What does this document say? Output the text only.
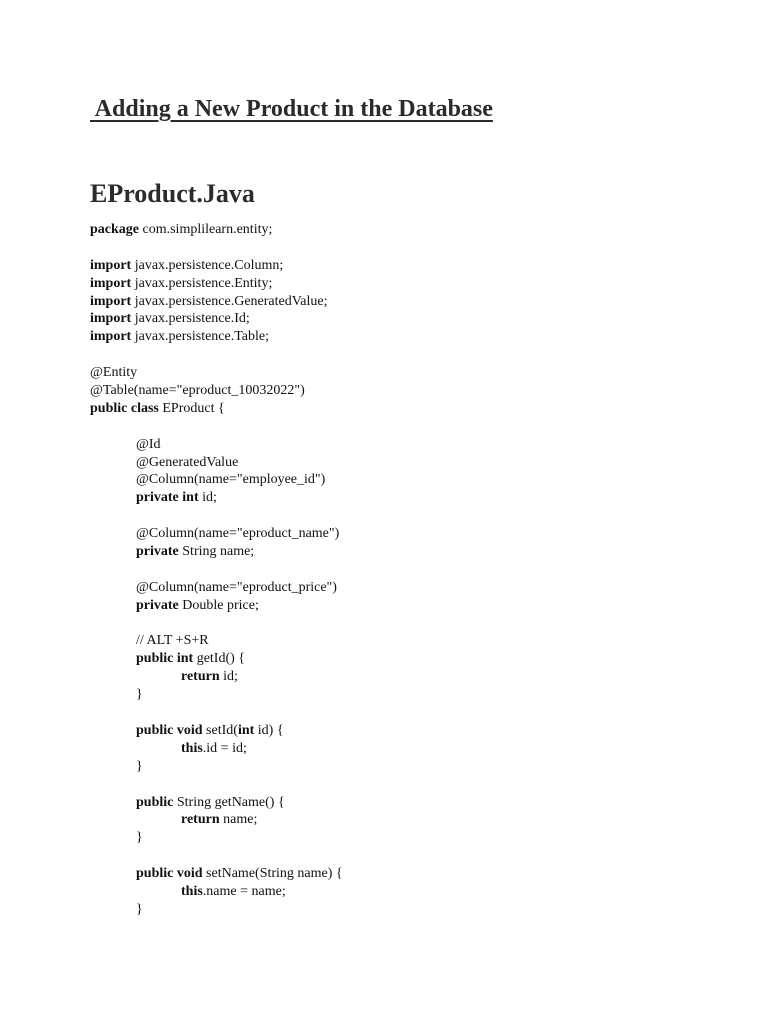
Adding a New Product in the Database
EProduct.Java
package com.simplilearn.entity;
import javax.persistence.Column;
import javax.persistence.Entity;
import javax.persistence.GeneratedValue;
import javax.persistence.Id;
import javax.persistence.Table;
@Entity
@Table(name="eproduct_10032022")
public class EProduct {
@Id
@GeneratedValue
@Column(name="employee_id")
private int id;
@Column(name="eproduct_name")
private String name;
@Column(name="eproduct_price")
private Double price;
// ALT +S+R
public int getId() {
return id;
}
public void setId(int id) {
this.id = id;
}
public String getName() {
return name;
}
public void setName(String name) {
this.name = name;
}
